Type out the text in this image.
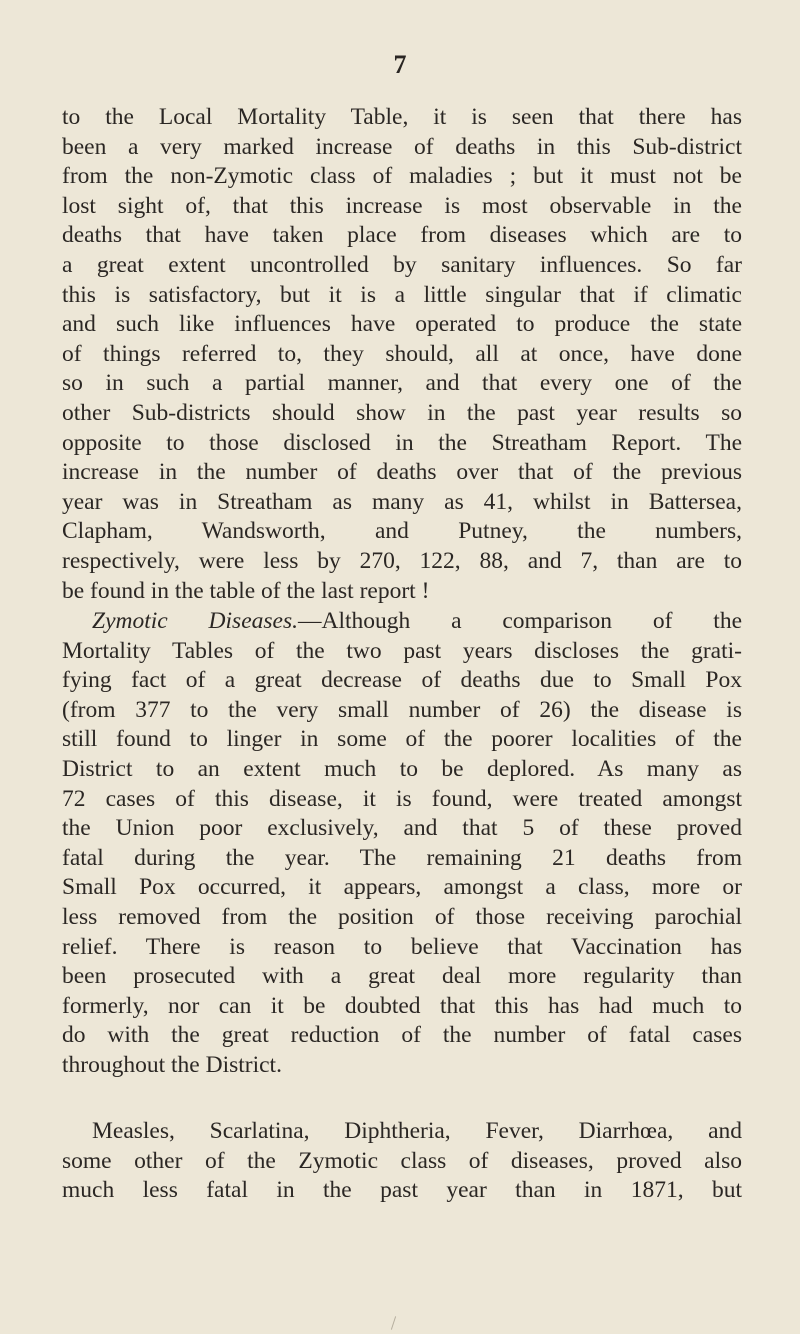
7
to the Local Mortality Table, it is seen that there has
been a very marked increase of deaths in this Sub-district
from the non-Zymotic class of maladies ; but it must not be
lost sight of, that this increase is most observable in the
deaths that have taken place from diseases which are to
a great extent uncontrolled by sanitary influences. So far
this is satisfactory, but it is a little singular that if climatic
and such like influences have operated to produce the state
of things referred to, they should, all at once, have done
so in such a partial manner, and that every one of the
other Sub-districts should show in the past year results so
opposite to those disclosed in the Streatham Report. The
increase in the number of deaths over that of the previous
year was in Streatham as many as 41, whilst in Battersea,
Clapham, Wandsworth, and Putney, the numbers,
respectively, were less by 270, 122, 88, and 7, than are to
be found in the table of the last report !
Zymotic Diseases.—Although a comparison of the
Mortality Tables of the two past years discloses the grati-
fying fact of a great decrease of deaths due to Small Pox
(from 377 to the very small number of 26) the disease is
still found to linger in some of the poorer localities of the
District to an extent much to be deplored. As many as
72 cases of this disease, it is found, were treated amongst
the Union poor exclusively, and that 5 of these proved
fatal during the year. The remaining 21 deaths from
Small Pox occurred, it appears, amongst a class, more or
less removed from the position of those receiving parochial
relief. There is reason to believe that Vaccination has
been prosecuted with a great deal more regularity than
formerly, nor can it be doubted that this has had much to
do with the great reduction of the number of fatal cases
throughout the District.
Measles, Scarlatina, Diphtheria, Fever, Diarrhœa, and
some other of the Zymotic class of diseases, proved also
much less fatal in the past year than in 1871, but
